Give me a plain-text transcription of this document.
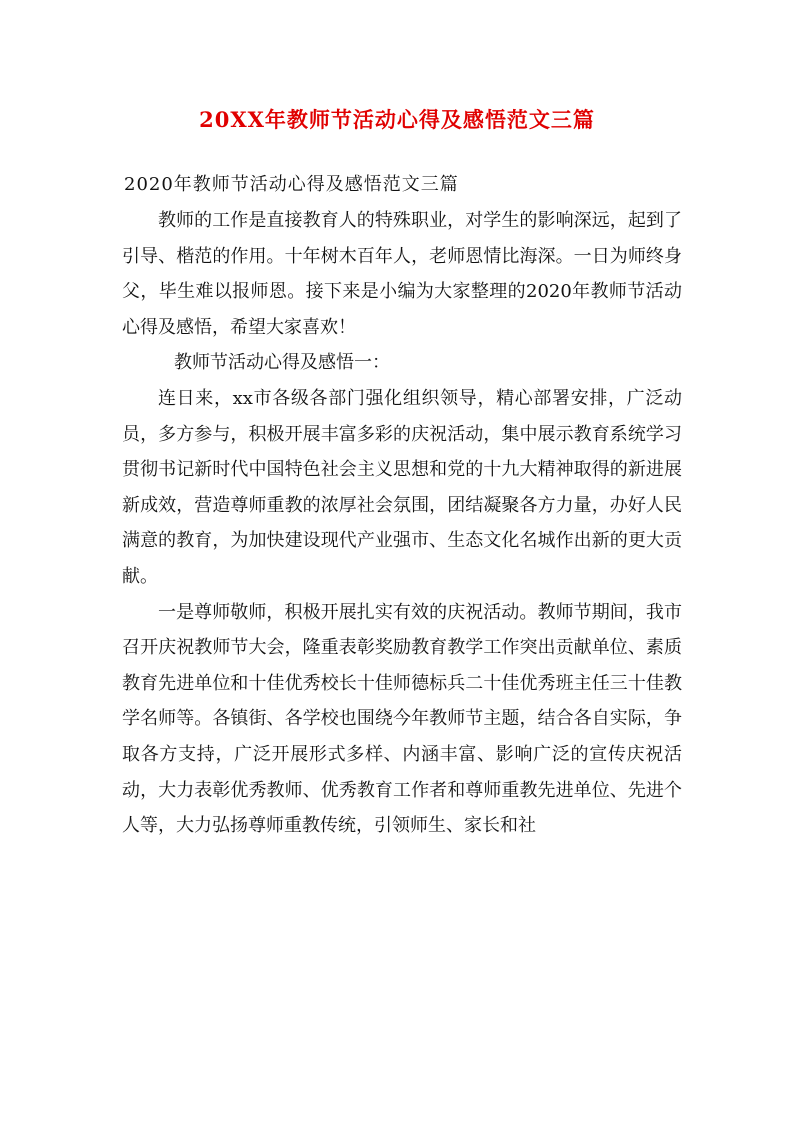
20XX年教师节活动心得及感悟范文三篇
2020年教师节活动心得及感悟范文三篇

教师的工作是直接教育人的特殊职业，对学生的影响深远，起到了引导、楷范的作用。十年树木百年人，老师恩情比海深。一日为师终身父，毕生难以报师恩。接下来是小编为大家整理的2020年教师节活动心得及感悟，希望大家喜欢！

教师节活动心得及感悟一：

连日来，xx市各级各部门强化组织领导，精心部署安排，广泛动员，多方参与，积极开展丰富多彩的庆祝活动，集中展示教育系统学习贯彻书记新时代中国特色社会主义思想和党的十九大精神取得的新进展新成效，营造尊师重教的浓厚社会氛围，团结凝聚各方力量，办好人民满意的教育，为加快建设现代产业强市、生态文化名城作出新的更大贡献。

一是尊师敬师，积极开展扎实有效的庆祝活动。教师节期间，我市召开庆祝教师节大会，隆重表彰奖励教育教学工作突出贡献单位、素质教育先进单位和十佳优秀校长十佳师德标兵二十佳优秀班主任三十佳教学名师等。各镇街、各学校也围绕今年教师节主题，结合各自实际，争取各方支持，广泛开展形式多样、内涵丰富、影响广泛的宣传庆祝活动，大力表彰优秀教师、优秀教育工作者和尊师重教先进单位、先进个人等，大力弘扬尊师重教传统，引领师生、家长和社
